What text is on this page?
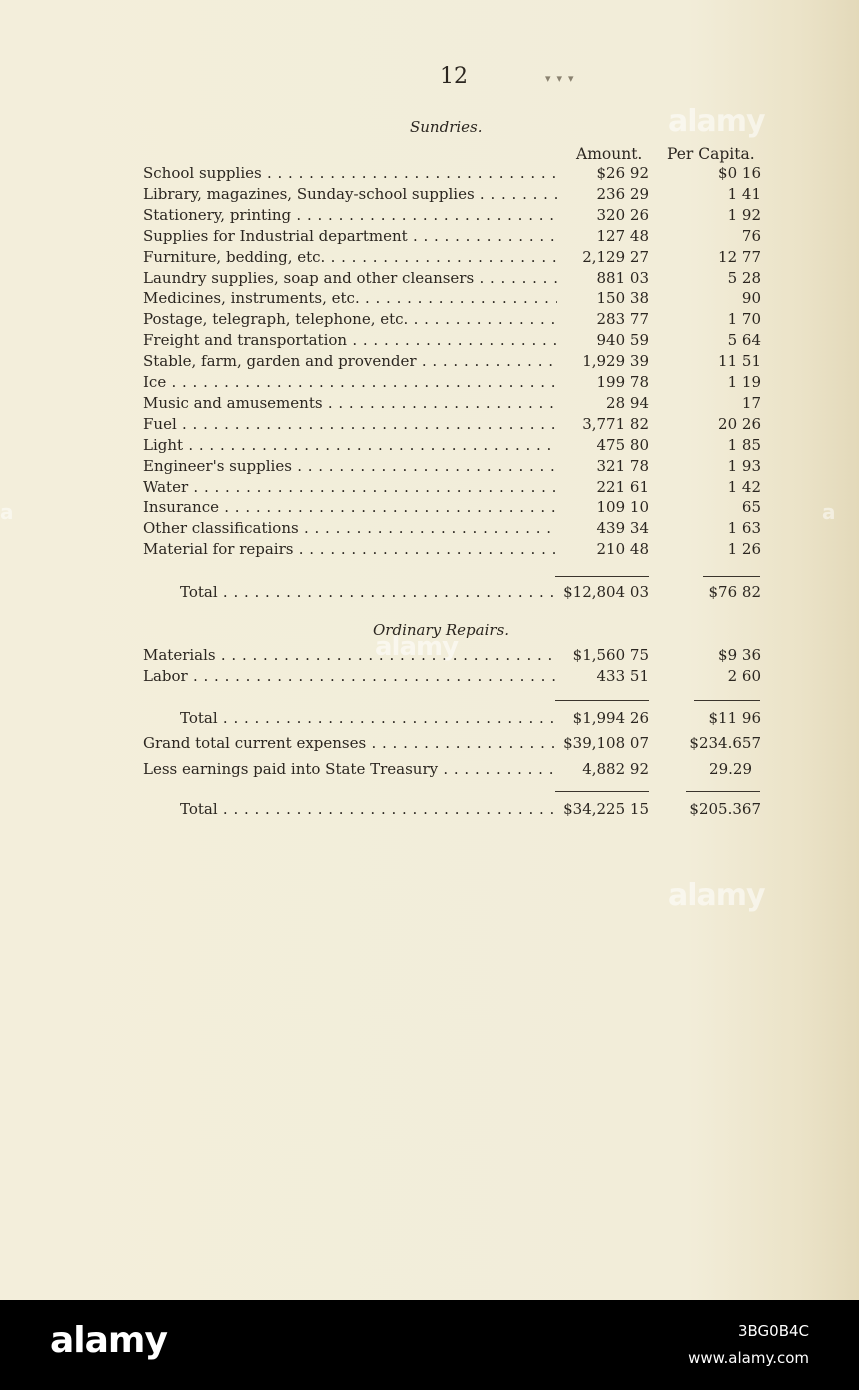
12	▾▾▾
Sundries.
Amount. Per Capita.
School supplies . . .	$26 92	$0 16
Library, magazines, Sunday-school supplies . . .	236 29	1 41
Stationery, printing . . .	320 26	1 92
Supplies for Industrial department . . .	127 48	76
Furniture, bedding, etc. . . .	2,129 27	12 77
Laundry supplies, soap and other cleansers . . .	881 03	5 28
Medicines, instruments, etc. . . .	150 38	90
Postage, telegraph, telephone, etc. . . .	283 77	1 70
Freight and transportation . . .	940 59	5 64
Stable, farm, garden and provender . . .	1,929 39	11 51
Ice . . .	199 78	1 19
Music and amusements . . .	28 94	17
Fuel . . .	3,771 82	20 26
Light . . .	475 80	1 85
Engineer's supplies . . .	321 78	1 93
Water . . .	221 61	1 42
Insurance . . .	109 10	65
Other classifications . . .	439 34	1 63
Material for repairs . . .	210 48	1 26
Total . . .	$12,804 03	$76 82
Ordinary Repairs.
Materials . . .	$1,560 75	$9 36
Labor . . .	433 51	2 60
Total . . .	$1,994 26	$11 96
Grand total current expenses . . .	$39,108 07	$234.657
Less earnings paid into State Treasury . . .	4,882 92	29.29
Total . . .	$34,225 15	$205.367
alamy
alamy
alamy
a	a
alamy	3BG0B4C
www.alamy.com
